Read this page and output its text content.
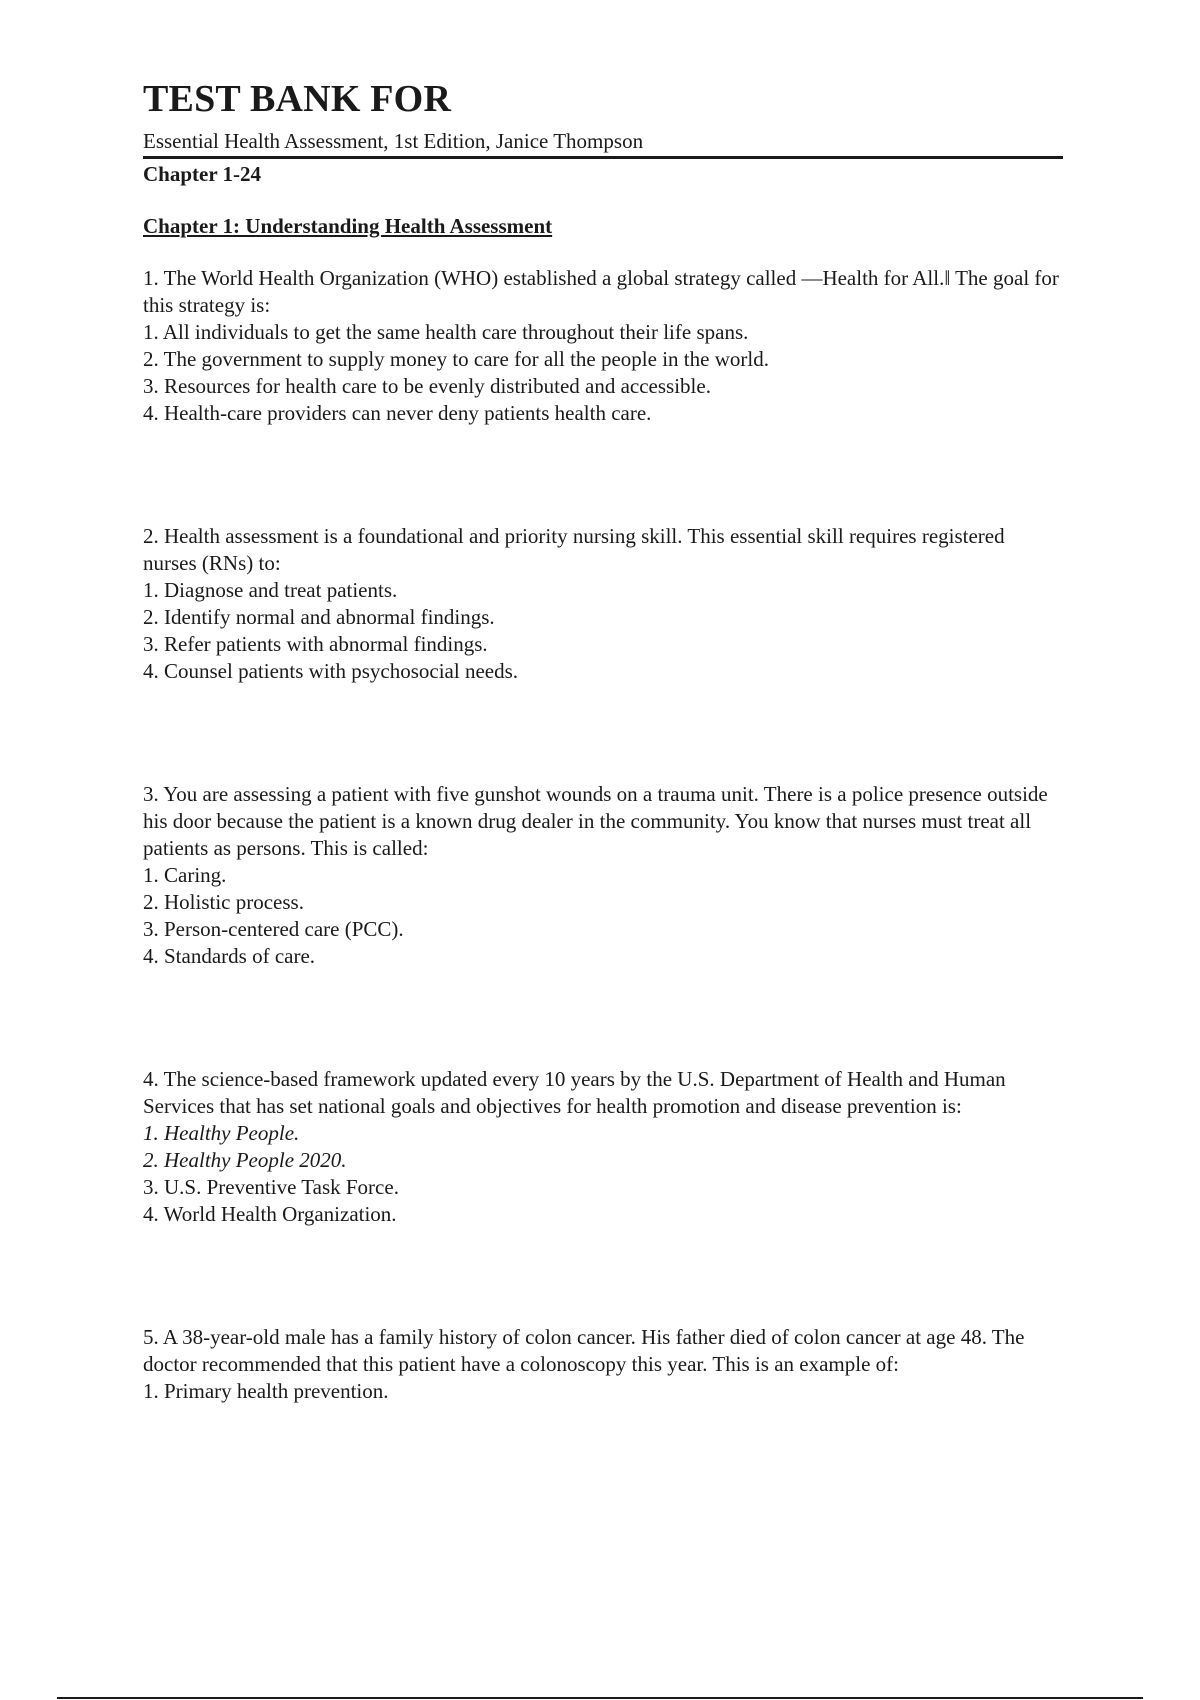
TEST BANK FOR

Essential Health Assessment, 1st Edition, Janice Thompson

Chapter 1-24

Chapter 1: Understanding Health Assessment

1. The World Health Organization (WHO) established a global strategy called —Health for All.‖ The goal for this strategy is:

1. All individuals to get the same health care throughout their life spans.
2. The government to supply money to care for all the people in the world.
3. Resources for health care to be evenly distributed and accessible.
4. Health-care providers can never deny patients health care.

2. Health assessment is a foundational and priority nursing skill. This essential skill requires registered nurses (RNs) to:

1. Diagnose and treat patients.
2. Identify normal and abnormal findings.
3. Refer patients with abnormal findings.
4. Counsel patients with psychosocial needs.

3. You are assessing a patient with five gunshot wounds on a trauma unit. There is a police presence outside his door because the patient is a known drug dealer in the community. You know that nurses must treat all patients as persons. This is called:

1. Caring.
2. Holistic process.
3. Person-centered care (PCC).
4. Standards of care.

4. The science-based framework updated every 10 years by the U.S. Department of Health and Human Services that has set national goals and objectives for health promotion and disease prevention is:

1. Healthy People.
2. Healthy People 2020.
3. U.S. Preventive Task Force.
4. World Health Organization.

5. A 38-year-old male has a family history of colon cancer. His father died of colon cancer at age 48. The doctor recommended that this patient have a colonoscopy this year. This is an example of:

1. Primary health prevention.
